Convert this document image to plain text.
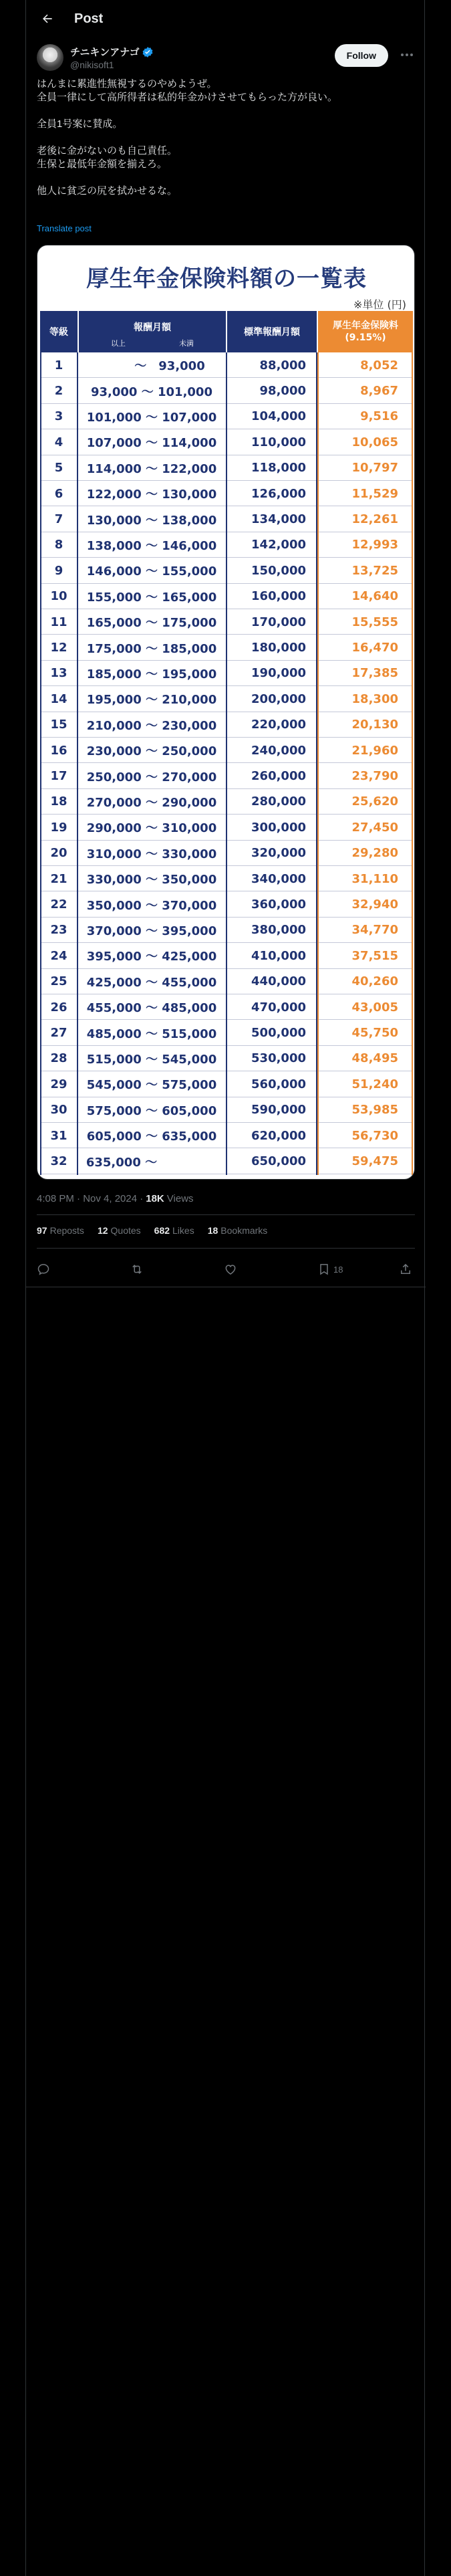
Post
チニキンアナゴ
@nikisoft1
Follow

はんまに累進性無視するのやめようぜ。

全員一律にして高所得者は私的年金かけさせてもらった方が良い。

全員1号案に賛成。

老後に金がないのも自己責任。

生保と最低年金額を揃えろ。

他人に貧乏の尻を拭かせるな。

Translate post
厚生年金保険料額の一覧表
※単位 (円)
等級	報酬月額
以上	未満
標準報酬月額
厚生年金保険料
(9.15%)
1	　　　～　93,000	88,000	8,052
2	93,000 ～ 101,000	98,000	8,967
3	101,000 ～ 107,000	104,000	9,516
4	107,000 ～ 114,000	110,000	10,065
5	114,000 ～ 122,000	118,000	10,797
6	122,000 ～ 130,000	126,000	11,529
7	130,000 ～ 138,000	134,000	12,261
8	138,000 ～ 146,000	142,000	12,993
9	146,000 ～ 155,000	150,000	13,725
10	155,000 ～ 165,000	160,000	14,640
11	165,000 ～ 175,000	170,000	15,555
12	175,000 ～ 185,000	180,000	16,470
13	185,000 ～ 195,000	190,000	17,385
14	195,000 ～ 210,000	200,000	18,300
15	210,000 ～ 230,000	220,000	20,130
16	230,000 ～ 250,000	240,000	21,960
17	250,000 ～ 270,000	260,000	23,790
18	270,000 ～ 290,000	280,000	25,620
19	290,000 ～ 310,000	300,000	27,450
20	310,000 ～ 330,000	320,000	29,280
21	330,000 ～ 350,000	340,000	31,110
22	350,000 ～ 370,000	360,000	32,940
23	370,000 ～ 395,000	380,000	34,770
24	395,000 ～ 425,000	410,000	37,515
25	425,000 ～ 455,000	440,000	40,260
26	455,000 ～ 485,000	470,000	43,005
27	485,000 ～ 515,000	500,000	45,750
28	515,000 ～ 545,000	530,000	48,495
29	545,000 ～ 575,000	560,000	51,240
30	575,000 ～ 605,000	590,000	53,985
31	605,000 ～ 635,000	620,000	56,730
32	635,000 ～　　　　　	650,000	59,475
4:08 PM · Nov 4, 2024 · 18K Views
97 Reposts 12 Quotes 682 Likes 18 Bookmarks
18
